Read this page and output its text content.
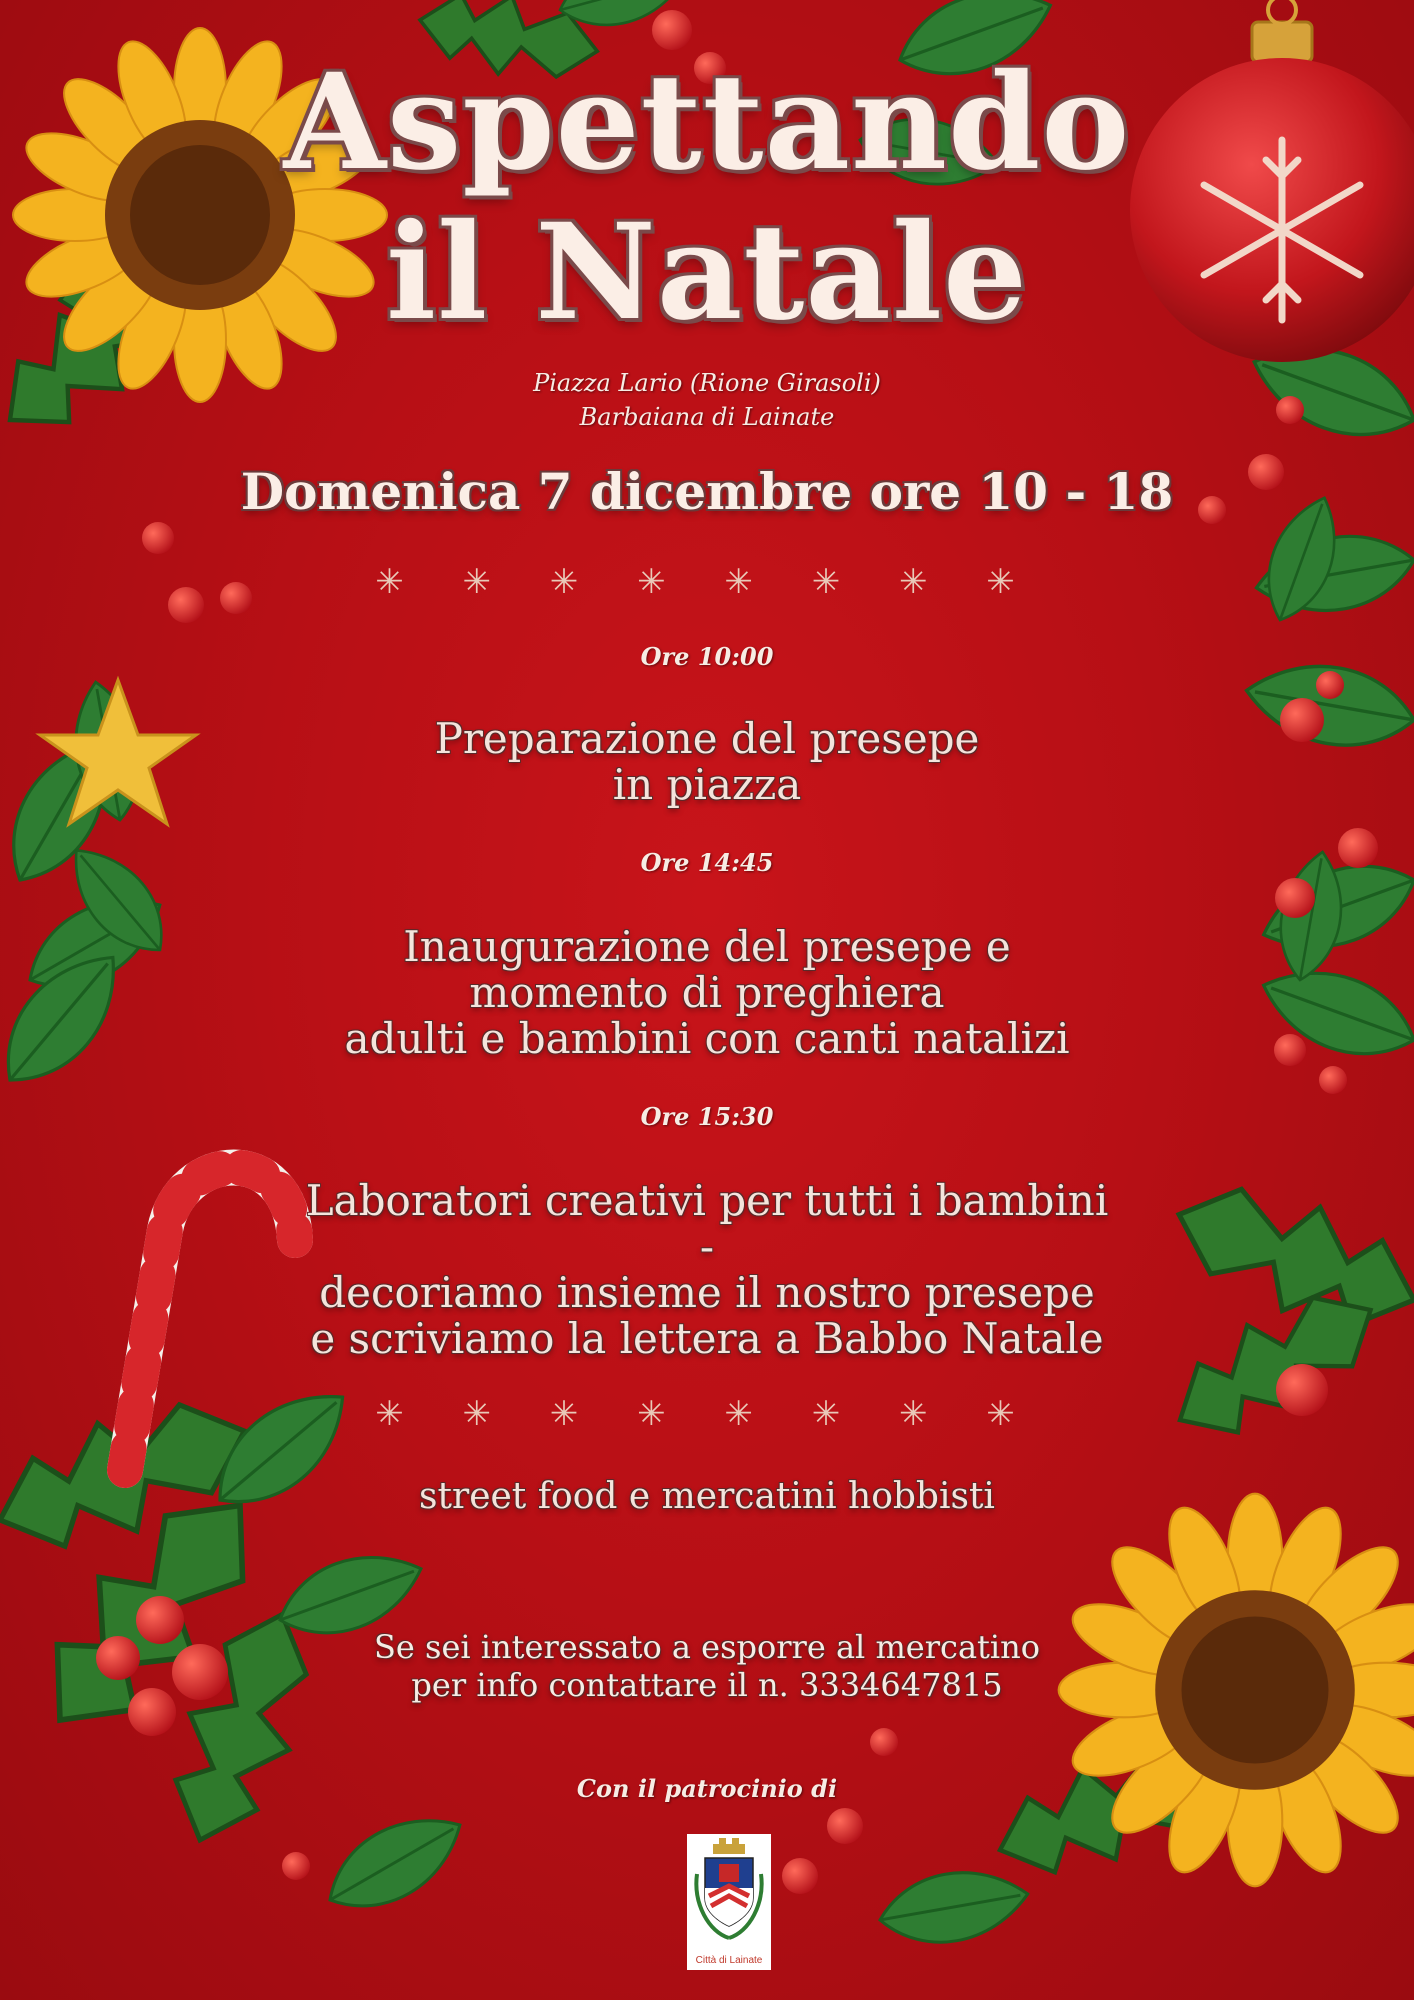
Aspettando
il Natale
Piazza Lario (Rione Girasoli)
Barbaiana di Lainate
Domenica 7 dicembre ore 10 - 18
✳ ✳ ✳ ✳ ✳ ✳ ✳ ✳
Ore 10:00
Preparazione del presepe
in piazza
Ore 14:45
Inaugurazione del presepe e
momento di preghiera
adulti e bambini con canti natalizi
Ore 15:30
Laboratori creativi per tutti i bambini
-
decoriamo insieme il nostro presepe
e scriviamo la lettera a Babbo Natale
✳ ✳ ✳ ✳ ✳ ✳ ✳ ✳
street food e mercatini hobbisti
Se sei interessato a esporre al mercatino
per info contattare il n. 3334647815
Con il patrocinio di
Città di Lainate
